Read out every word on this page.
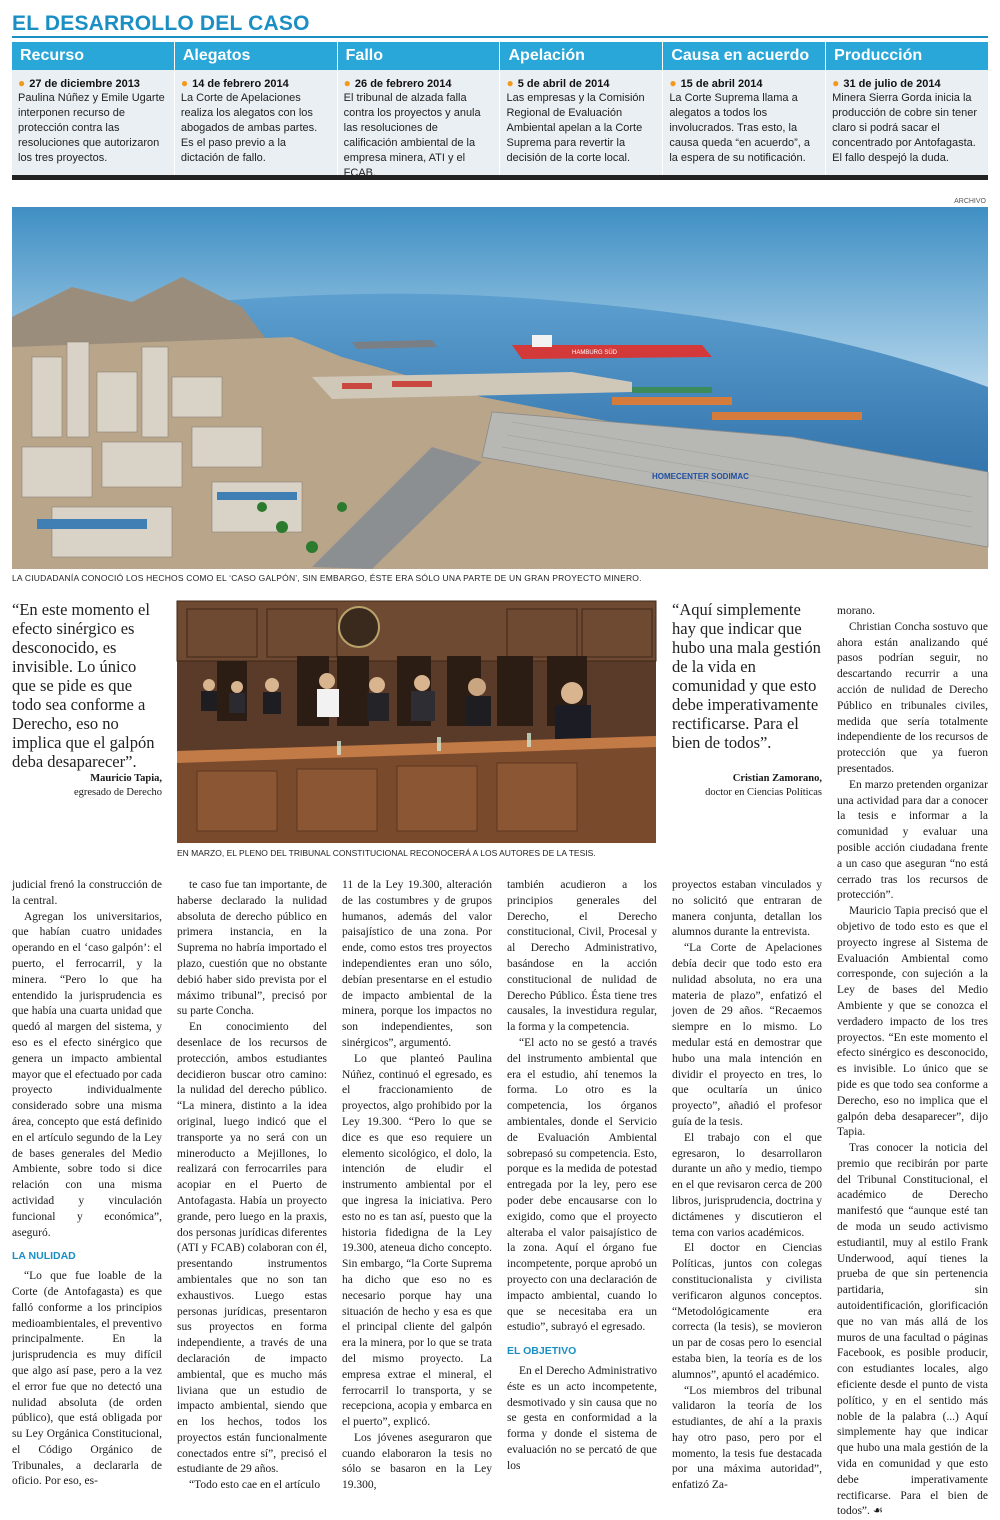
EL DESARROLLO DEL CASO
Recurso
● 27 de diciembre 2013
Paulina Núñez y Emile Ugarte interponen recurso de protección contra las resoluciones que autorizaron los tres proyectos.
Alegatos
● 14 de febrero 2014
La Corte de Apelaciones realiza los alegatos con los abogados de ambas partes. Es el paso previo a la dictación de fallo.
Fallo
● 26 de febrero 2014
El tribunal de alzada falla contra los proyectos y anula las resoluciones de calificación ambiental de la empresa minera, ATI y el FCAB.
Apelación
● 5 de abril de 2014
Las empresas y la Comisión Regional de Evaluación Ambiental apelan a la Corte Suprema para revertir la decisión de la corte local.
Causa en acuerdo
● 15 de abril 2014
La Corte Suprema llama a alegatos a todos los involucrados. Tras esto, la causa queda “en acuerdo”, a la espera de su notificación.
Producción
● 31 de julio de 2014
Minera Sierra Gorda inicia la producción de cobre sin tener claro si podrá sacar el concentrado por Antofagasta. El fallo despejó la duda.
ARCHIVO
HAMBURG SÜD
HOMECENTER SODIMAC
LA CIUDADANÍA CONOCIÓ LOS HECHOS COMO EL ‘CASO GALPÓN’, SIN EMBARGO, ÉSTE ERA SÓLO UNA PARTE DE UN GRAN PROYECTO MINERO.
“En este momento el efecto sinérgico es desconocido, es invisible. Lo único que se pide es que todo sea conforme a Derecho, eso no implica que el galpón deba desaparecer”.
Mauricio Tapia,
egresado de Derecho
EN MARZO, EL PLENO DEL TRIBUNAL CONSTITUCIONAL RECONOCERÁ A LOS AUTORES DE LA TESIS.
“Aquí simplemente hay que indicar que hubo una mala gestión de la vida en comunidad y que esto debe imperativamente rectificarse. Para el bien de todos”.
Cristian Zamorano,
doctor en Ciencias Políticas

judicial frenó la construcción de la central.

Agregan los universitarios, que habían cuatro unidades operando en el ‘caso galpón’: el puerto, el ferrocarril, y la minera. “Pero lo que ha entendido la jurisprudencia es que había una cuarta unidad que quedó al margen del sistema, y eso es el efecto sinérgico que genera un impacto ambiental mayor que el efectuado por cada proyecto individualmente considerado sobre una misma área, concepto que está definido en el artículo segundo de la Ley de bases generales del Medio Ambiente, sobre todo si dice relación con una misma actividad y vinculación funcional y económica”, aseguró.

LA NULIDAD

“Lo que fue loable de la Corte (de Antofagasta) es que falló conforme a los principios medioambientales, el preventivo principalmente. En la jurisprudencia es muy difícil que algo así pase, pero a la vez el error fue que no detectó una nulidad absoluta (de orden público), que está obligada por su Ley Orgánica Constitucional, el Código Orgánico de Tribunales, a declararla de oficio. Por eso, es-

te caso fue tan importante, de haberse declarado la nulidad absoluta de derecho público en primera instancia, en la Suprema no habría importado el plazo, cuestión que no obstante debió haber sido prevista por el máximo tribunal”, precisó por su parte Concha.

En conocimiento del desenlace de los recursos de protección, ambos estudiantes decidieron buscar otro camino: la nulidad del derecho público. “La minera, distinto a la idea original, luego indicó que el transporte ya no será con un mineroducto a Mejillones, lo realizará con ferrocarriles para acopiar en el Puerto de Antofagasta. Había un proyecto grande, pero luego en la praxis, dos personas jurídicas diferentes (ATI y FCAB) colaboran con él, presentando instrumentos ambientales que no son tan exhaustivos. Luego estas personas jurídicas, presentaron sus proyectos en forma independiente, a través de una declaración de impacto ambiental, que es mucho más liviana que un estudio de impacto ambiental, siendo que en los hechos, todos los proyectos están funcionalmente conectados entre sí”, precisó el estudiante de 29 años.

“Todo esto cae en el artículo

11 de la Ley 19.300, alteración de las costumbres y de grupos humanos, además del valor paisajístico de una zona. Por ende, como estos tres proyectos independientes eran uno sólo, debían presentarse en el estudio de impacto ambiental de la minera, porque los impactos no son independientes, son sinérgicos”, argumentó.

Lo que planteó Paulina Núñez, continuó el egresado, es el fraccionamiento de proyectos, algo prohibido por la Ley 19.300. “Pero lo que se dice es que eso requiere un elemento sicológico, el dolo, la intención de eludir el instrumento ambiental por el que ingresa la iniciativa. Pero esto no es tan así, puesto que la historia fidedigna de la Ley 19.300, ateneua dicho concepto. Sin embargo, “la Corte Suprema ha dicho que eso no es necesario porque hay una situación de hecho y esa es que el principal cliente del galpón era la minera, por lo que se trata del mismo proyecto. La empresa extrae el mineral, el ferrocarril lo transporta, y se recepciona, acopia y embarca en el puerto”, explicó.

Los jóvenes aseguraron que cuando elaboraron la tesis no sólo se basaron en la Ley 19.300,

también acudieron a los principios generales del Derecho, el Derecho constitucional, Civil, Procesal y al Derecho Administrativo, basándose en la acción constitucional de nulidad de Derecho Público. Ésta tiene tres causales, la investidura regular, la forma y la competencia.

“El acto no se gestó a través del instrumento ambiental que era el estudio, ahí tenemos la forma. Lo otro es la competencia, los órganos ambientales, donde el Servicio de Evaluación Ambiental sobrepasó su competencia. Esto, porque es la medida de potestad entregada por la ley, pero ese poder debe encausarse con lo exigido, como que el proyecto alteraba el valor paisajístico de la zona. Aquí el órgano fue incompetente, porque aprobó un proyecto con una declaración de impacto ambiental, cuando lo que se necesitaba era un estudio”, subrayó el egresado.

EL OBJETIVO

En el Derecho Administrativo éste es un acto incompetente, desmotivado y sin causa que no se gesta en conformidad a la forma y donde el sistema de evaluación no se percató de que los

proyectos estaban vinculados y no solicitó que entraran de manera conjunta, detallan los alumnos durante la entrevista.

“La Corte de Apelaciones debía decir que todo esto era nulidad absoluta, no era una materia de plazo”, enfatizó el joven de 29 años. “Recaemos siempre en lo mismo. Lo medular está en demostrar que hubo una mala intención en dividir el proyecto en tres, lo que ocultaría un único proyecto”, añadió el profesor guía de la tesis.

El trabajo con el que egresaron, lo desarrollaron durante un año y medio, tiempo en el que revisaron cerca de 200 libros, jurisprudencia, doctrina y dictámenes y discutieron el tema con varios académicos.

El doctor en Ciencias Políticas, juntos con colegas constitucionalista y civilista verificaron algunos conceptos. “Metodológicamente era correcta (la tesis), se movieron un par de cosas pero lo esencial estaba bien, la teoría es de los alumnos”, apuntó el académico.

“Los miembros del tribunal validaron la teoría de los estudiantes, de ahí a la praxis hay otro paso, pero por el momento, la tesis fue destacada por una máxima autoridad”, enfatizó Za-

morano.

Christian Concha sostuvo que ahora están analizando qué pasos podrían seguir, no descartando recurrir a una acción de nulidad de Derecho Público en tribunales civiles, medida que sería totalmente independiente de los recursos de protección que ya fueron presentados.

En marzo pretenden organizar una actividad para dar a conocer la tesis e informar a la comunidad y evaluar una posible acción ciudadana frente a un caso que aseguran “no está cerrado tras los recursos de protección”.

Mauricio Tapia precisó que el objetivo de todo esto es que el proyecto ingrese al Sistema de Evaluación Ambiental como corresponde, con sujeción a la Ley de bases del Medio Ambiente y que se conozca el verdadero impacto de los tres proyectos. “En este momento el efecto sinérgico es desconocido, es invisible. Lo único que se pide es que todo sea conforme a Derecho, eso no implica que el galpón deba desaparecer”, dijo Tapia.

Tras conocer la noticia del premio que recibirán por parte del Tribunal Constitucional, el académico de Derecho manifestó que “aunque esté tan de moda un seudo activismo estudiantil, muy al estilo Frank Underwood, aquí tienes la prueba de que sin pertenencia partidaria, sin autoidentificación, glorificación que no van más allá de los muros de una facultad o páginas Facebook, es posible producir, con estudiantes locales, algo eficiente desde el punto de vista político, y en el sentido más noble de la palabra (...) Aquí simplemente hay que indicar que hubo una mala gestión de la vida en comunidad y que esto debe imperativamente rectificarse. Para el bien de todos”. ☙
